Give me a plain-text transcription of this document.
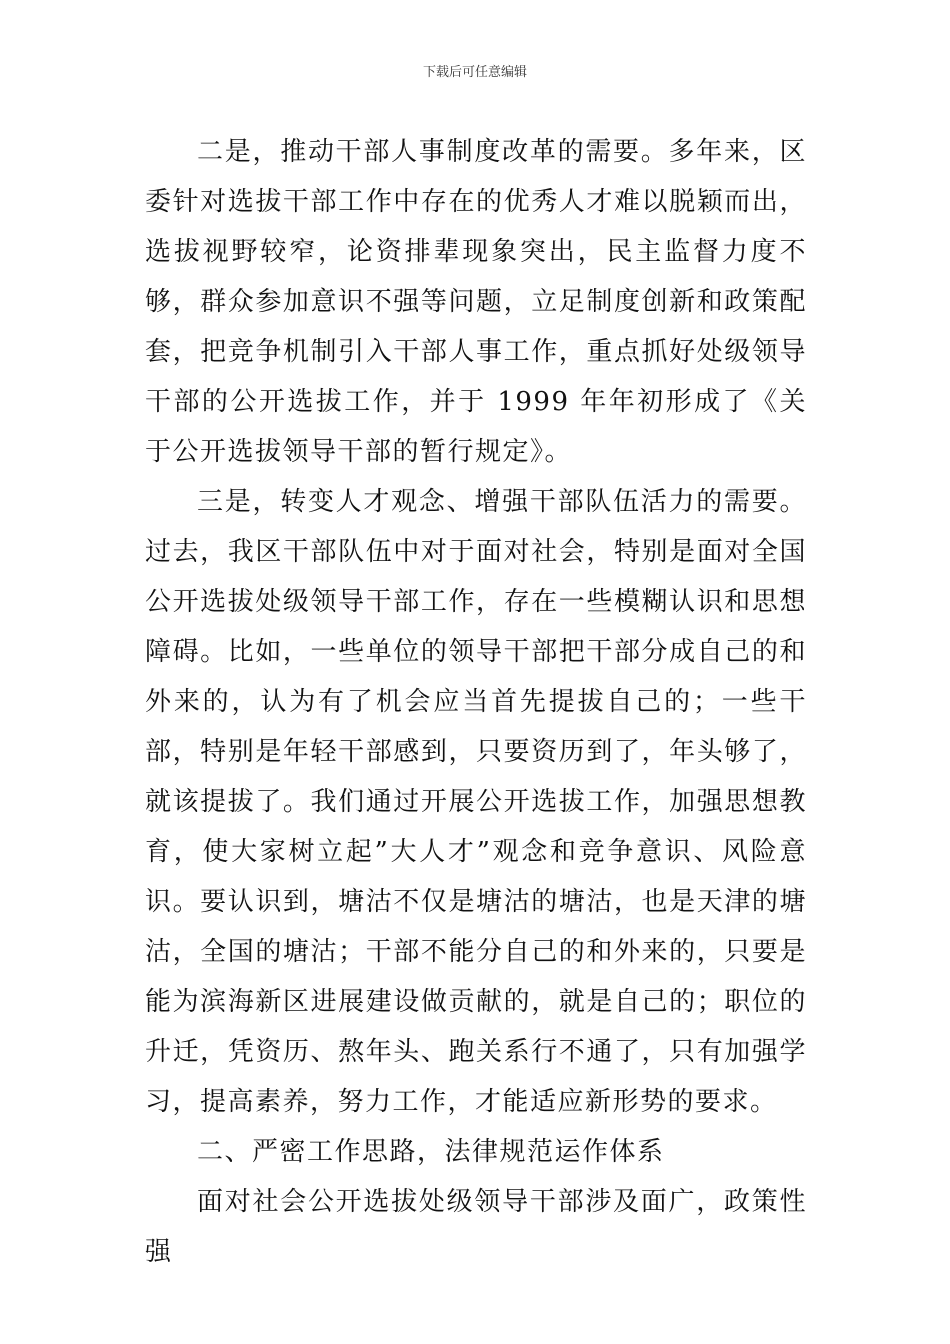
下载后可任意编辑

二是，推动干部人事制度改革的需要。多年来，区委针对选拔干部工作中存在的优秀人才难以脱颖而出，选拔视野较窄，论资排辈现象突出，民主监督力度不够，群众参加意识不强等问题，立足制度创新和政策配套，把竞争机制引入干部人事工作，重点抓好处级领导干部的公开选拔工作，并于 1999 年年初形成了《关于公开选拔领导干部的暂行规定》。

三是，转变人才观念、增强干部队伍活力的需要。过去，我区干部队伍中对于面对社会，特别是面对全国公开选拔处级领导干部工作，存在一些模糊认识和思想障碍。比如，一些单位的领导干部把干部分成自己的和外来的，认为有了机会应当首先提拔自己的；一些干部，特别是年轻干部感到，只要资历到了，年头够了，就该提拔了。我们通过开展公开选拔工作，加强思想教育，使大家树立起”大人才”观念和竞争意识、风险意识。要认识到，塘沽不仅是塘沽的塘沽，也是天津的塘沽，全国的塘沽；干部不能分自己的和外来的，只要是能为滨海新区进展建设做贡献的，就是自己的；职位的升迁，凭资历、熬年头、跑关系行不通了，只有加强学习，提高素养，努力工作，才能适应新形势的要求。

二、严密工作思路，法律规范运作体系

面对社会公开选拔处级领导干部涉及面广，政策性强
